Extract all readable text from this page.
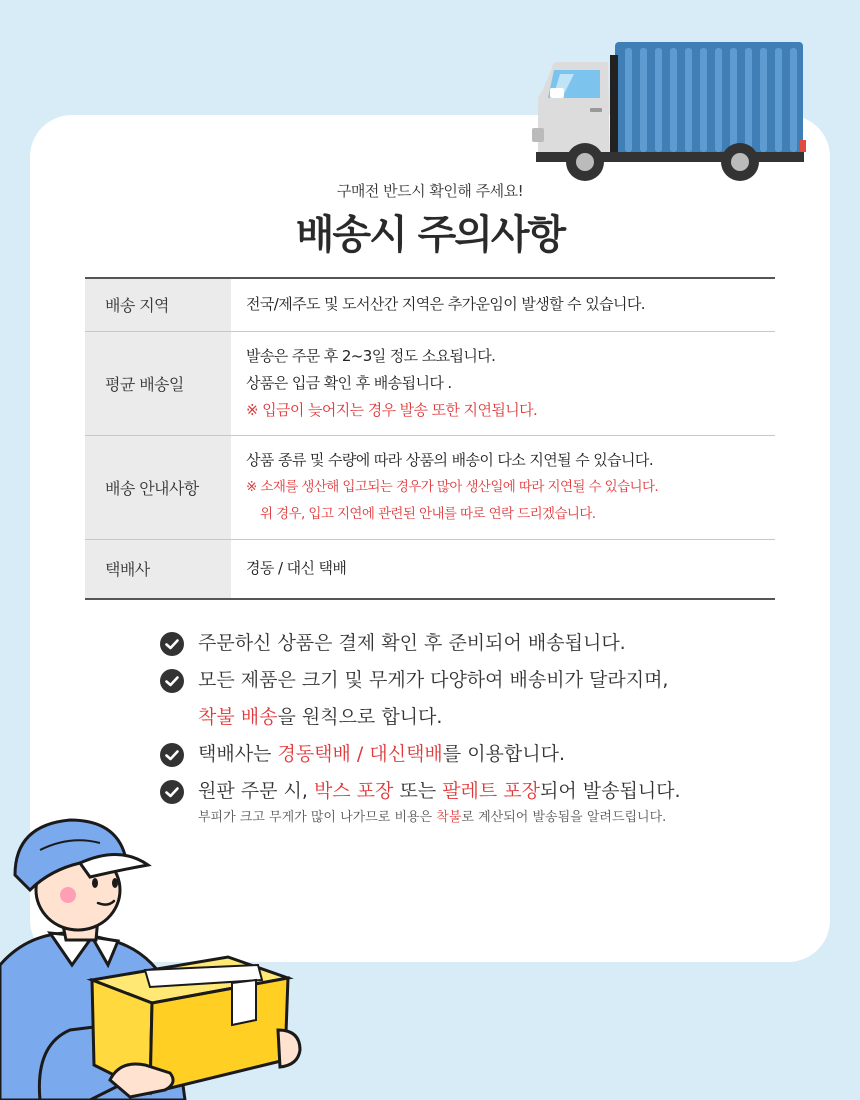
구매전 반드시 확인해 주세요!
배송시 주의사항
배송 지역	전국/제주도 및 도서산간 지역은 추가운임이 발생할 수 있습니다.

평균 배송일	발송은 주문 후 2~3일 정도 소요됩니다.
상품은 입금 확인 후 배송됩니다 .
※ 입금이 늦어지는 경우 발송 또한 지연됩니다.

배송 안내사항	상품 종류 및 수량에 따라 상품의 배송이 다소 지연될 수 있습니다.
※ 소재를 생산해 입고되는 경우가 많아 생산일에 따라 지연될 수 있습니다.
위 경우, 입고 지연에 관련된 안내를 따로 연락 드리겠습니다.

택배사	경동 / 대신 택배
주문하신 상품은 결제 확인 후 준비되어 배송됩니다.
모든 제품은 크기 및 무게가 다양하여 배송비가 달라지며,
착불 배송을 원칙으로 합니다.
택배사는 경동택배 / 대신택배를 이용합니다.
원판 주문 시, 박스 포장 또는 팔레트 포장되어 발송됩니다.
부피가 크고 무게가 많이 나가므로 비용은 착불로 계산되어 발송됨을 알려드립니다.
